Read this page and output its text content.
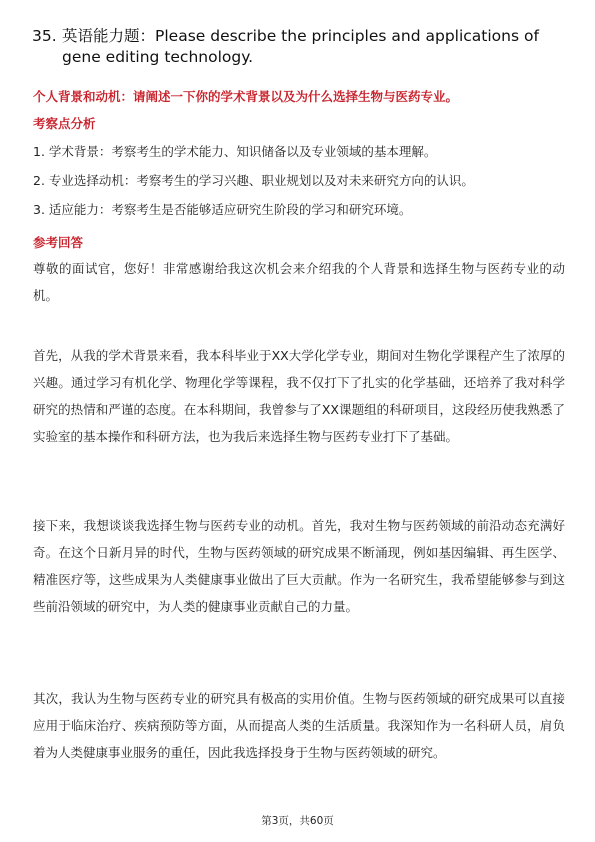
35. 英语能力题：Please describe the principles and applications of
gene editing technology.
个人背景和动机：请阐述一下你的学术背景以及为什么选择生物与医药专业。
考察点分析
1. 学术背景：考察考生的学术能力、知识储备以及专业领域的基本理解。
2. 专业选择动机：考察考生的学习兴趣、职业规划以及对未来研究方向的认识。
3. 适应能力：考察考生是否能够适应研究生阶段的学习和研究环境。
参考回答
尊敬的面试官，您好！非常感谢给我这次机会来介绍我的个人背景和选择生物与医药专业的动机。
首先，从我的学术背景来看，我本科毕业于XX大学化学专业，期间对生物化学课程产生了浓厚的兴趣。通过学习有机化学、物理化学等课程，我不仅打下了扎实的化学基础，还培养了我对科学研究的热情和严谨的态度。在本科期间，我曾参与了XX课题组的科研项目，这段经历使我熟悉了实验室的基本操作和科研方法，也为我后来选择生物与医药专业打下了基础。
接下来，我想谈谈我选择生物与医药专业的动机。首先，我对生物与医药领域的前沿动态充满好奇。在这个日新月异的时代，生物与医药领域的研究成果不断涌现，例如基因编辑、再生医学、精准医疗等，这些成果为人类健康事业做出了巨大贡献。作为一名研究生，我希望能够参与到这些前沿领域的研究中，为人类的健康事业贡献自己的力量。
其次，我认为生物与医药专业的研究具有极高的实用价值。生物与医药领域的研究成果可以直接应用于临床治疗、疾病预防等方面，从而提高人类的生活质量。我深知作为一名科研人员，肩负着为人类健康事业服务的重任，因此我选择投身于生物与医药领域的研究。
第3页，共60页
